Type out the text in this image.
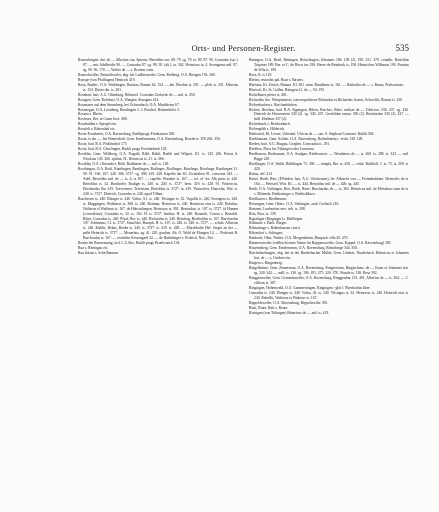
Orts- und Personen-Register.	535

Romeshingen. dat. de — Alberius can. Spirens. Bertoldus sac. 68. 79. sg. 79. ta. 80. 87. 90. Conradus (sac.) 87. — mir Adelheidis 90. — Cunradus 87. sg. 90. 95. (alt.). ta. 362. Heinricus ta. 4. Swengerus mil. 87. sg. 90. 96. 170. — Walter de — s. Brotten ctsm.

Romschwiller, Reinoldswiler, abg. bei Ludlinsweiler. Gem. Rielberg, O.A. Besigen 193. 260.

Ronspe (von Pfullingen) Heinrich 419.

Rosa, Ruther., O.A. Waiblingen, Ranisas, Romae 62. 154. — abt. Eberhar ts. 291. — pleb. ts. 291. Albertus ts. 154. Dieter der. ts. 291.

Rosabari, bair. A.G. Oltenburg, Böhmerl. Conradus Gerlache de — mil. ts. 450.

Rosagen, Gem. Rohrbart, O.A. Wangen, Rosagers 414.

Rosenaser auf dem Strumberg, bei Ochsenbach, O.A. Mauldronn 67.

Rosenegen, O.A. Leonberg, Rendingen 2. 3. Brachel, Bohnerhöfer 3.

Rossna s. Rhein.

Rosfeurs, Ber. at Came liwe. 408.

Rossbuhlen s. Spiegel ein.

Rossfelt s. Rabenthal etc.

Roste-Fronhofen, O.A. Ravensburg, Ruthliprugs Frenhausen 108.

Rosta, is dar —, bei Bienerdorb, Gem. Emeltemmen, O.A. Ravensburg, Rosrde ts. 350 264. 350.

Roste, bad. B.A. Pfullendorf 175.

Roste, bad. B.A. Überlingen, Ruthli prugs Froenhebseh 128.

Rosthlin, Gem. Wildberg, O.A. Nagold, Röhl, Rühli, Ruthli and Wilpert. K1. ts. 145. 266. Petrus S. Nicolaus 145. 266. sphlan: H., Heinricus ts. 21. ts. 266.

Rosthlin, O.A. Oberndorf, Röhl. Rathbarne de — mil. ts. 148.

Rosthingen, O.A. Rottl, Rutelingen, Rentlingen, Rutlinges, Rotilinges, Rutelinge, Rotelinge, Rutzlingen 31. 90. 91. 166. 167. 240. 306. 372*. sg. 398. 419. 428. Kapella der Kl. Zwiefalten 91. conventa 343. — Adel: Bertoldus mil. de — ts. 4. ts 167. — capella: Warnher ts. 167. — tel. of -itz. Alb press ts. 240. Bertoldus ts. 32. Bondorfer. Rudiger ts. 240. ts. 240. ts. 372*. bern. 419. ts. 428. 91. Fridericus, Eberhardus 8ta. 419. Traversiner, Tetvertam, Bertoldus ts. 372*. ta. 419. Thancolier, Dancolar, Wal. ts. 240. ts. 372*. Dietrich, Conradus ts. 240. apud Tillam,

Rurcherzis ts. 240. Ehinger ts. 240. Valtra, A1. ts. 240. Tilsingus ts. 32. Vogallis ts. 240. Swengera ts. 240. ts. Muggingen, Waltharas ts. 368. ts. 240. Rotimar, Heinricus ts. 240. Heinricus eius ts. 240. Rabrilas, Walterus el Waltheru ts. 167. de Habsinluegen, Heinricus ts. 391. Hertrudun, ts. 107. ts. 372*. fü Humen (coronfkirse), Conradus ts. 32. ts. 102. H. ts. 372*. Insiltur, H. ts. 240. Rosmith, Conrat s. Bertoldt. Ritter, Conradus ts. 240. Pfaaf, Ber. ts. 240. Richardus ts. 240. Reinfrag, Bertholdus ts. 167. Burchardus 107. Schimmer, Cl. ts. 372*. Stauffche, Rumph, H. ts. 167. ts. 240. ts. 240. ts. 372*. — schult. Albertus ts. 240. Kühlis, Bebas, Renbe ts. 240. ts. 372*. ts. 419. ts. 428. — Marchbuler Hef. Steget an der — pelle Heinrich ts. 371*. — Meuerhus, sg. 41. 245. gardiaa. Ab. O. Wald de Ehingen 14. — Probsteit R. Burchardus ts. 167. — reachtlin Kessengard 32. — de Ruthelinger s. Roleich, Nov., Ner.

Reuter bei Bretzenzang, ttrd. L.G.Sitz, Ruthli prugs Bruelwanck 134.

Rua s. Rheingau etc.

Rua Infans s. Scheffhausen.

Basingen, O.A. Rottl, Reningen, Reinchingen, Johannes 106. 109 (2). 190. 231. 379. conulbr. Bartoldus Tuipines 189. Ber. et C. de Horw ius 190. Hesse de Reinbeck ts. 190. Heinrichus Wilbanas 190. Poentas de Wila ts. 190.

Reza, R. ts 119.

Rheim, restoolas pal. Ruzi s. Basters.

Rheinau, Kt. Zürich, Hauura. Kl. 491. minr. Rinallamo ts. 161. — Ratholfus de — s. Ruma, Prabourtum.

Rhotsch, Kt. St. Gallen, Rinugen 21. de — 94. 195.

Richelbares pfeter ts. 401.

Richardus fire. Wimpinensis; concesspetitione Richardus et Richardus fratres, Schwellis, Rismis ts. 410.

Richenbachen s. Reichenbächen.

Richen, Riechen, bad. B.A. Eppingen, Rihen, Rieches, Rehe; militae de — Dietricus 330. 437. sg. 436. Dietrich de Horsenstein 330 (2). sg. 330. 437. Gerdoldus sentac 330 (2). Reinhardus 330 (2). 437. — mill. Ebelmar 337 (2).

Richenbach s. Reichenbach.

Richenpfäh s. Hilderich.

Rütbschal, Kl. Lesser, Urbental. Ulricus de — can. S. Stephani Constant. Rüthli 394.

Rietbhausen, Gem. Schlier, O.A. Ravensburg, Rotheilmestri, -reitic 130. 128.

Rieden, bair. A.G. Burgau, Graplen. Conwaaba ts. 291.

Riedlera, Fluss bei Tübingen oder Lustenau.

Riedbuwen, Riethausen, O.A. Saulgau, Rietheuwen. — Wernherus de — ts. 269. ts. 298. ts. 323. — mil. Bigge 229.

Riedlingen, O.A. Waldt, Rühllingen 73. 450. — templa, Ber. ts. 450. — sebir. Bitthloff. 1. ts. 75. ts. 209. ts. 420.

Rietas, del. 414.

Rietel, Rieth, Riet, (F.Bieden, bair. A.G. Ottobeuren), be: Albrecht von — Freienhubbner. Heinrichs de ts. 164. — Hertstel, Wirt. Kl. — ts. 444. Bertoldus mil. de — 426. sg. 445.

Rieth, O.A. Vaihingen, Riet, Rieth, Riete. Burchardus de — ts. 365. Heinricus mil. de Meissburs zum de ts. s. Mittensh. Reithesinger v. Rietbisklhow.

Riedlisaen s. Riedheusen.

Riesengen, Gem. Oberr., O.A. Vaihingen, arab. Gerbach 216.

Rietzent, Lonbeotim serv. selt. ts. 298.

Rifa, Ebar. ts. 139.

Rigiabiger (Ringinger) s. Halfhegen.

Riltmaire s. Bärk. Bürger.

Riltmatinge s. Rabenhausen cavist.

Riltondorf s. Schingen.

Rimbach, Ober, Nieder, O.A. Mergentheim, Rimpach villa 45. 470.

Rimmersweiler (vielleicht einer Name für Happensweiler, Gem. Kappel, O.A. Ravensburg) 350.

Rissemsberg, Gem. Emelesemm, O.A. Ravensburg, Rimisberge 344. 350.

Rinchelmebingen, abg. bei in der Rinderbacher Mühle, Gem. Umbrei, Ninderbach. Heinricus et Johannes frat. de — s. Umbrei ein.

Ringera s. Ringenberg.

Ringelkeime, Gem. Zemerzzan, O.A. Ravensburg, Ringeristum, Ringischaus. de — Kuno et Johannes frat. sg. 320. 342. — mill. ts. 130. sg. 196. 181. 275. 320. 370. Wasale ts. 136. Resa 392.

Ringgenweiler, Gem. Gomminweiler, O.A. Ravensburg, Ringgenbur 133. 491. Albertus de — ts. 364. — C. villicus ts. 387.

Ringingen, Hohenwald, O.A. Gammertingen, Ringingen, -glin I. Eberhardus liber

Cunradus ts. 240. Ehinger ts. 240. Valtra, Al. ts. 240. Vilsingus ts. 32. Heinricus ts. 240. Heinrich eius ts. 240. Rebellis, Walterus et Walterus ts. 167.

Rippoldsweiler, O.A. Ravensburg, Rippoltswiler 350.

Riuti, Riute, Rüti s. Reute.

Rixingen (von Tübingen) Hainricus de — mil. ts. 419.
